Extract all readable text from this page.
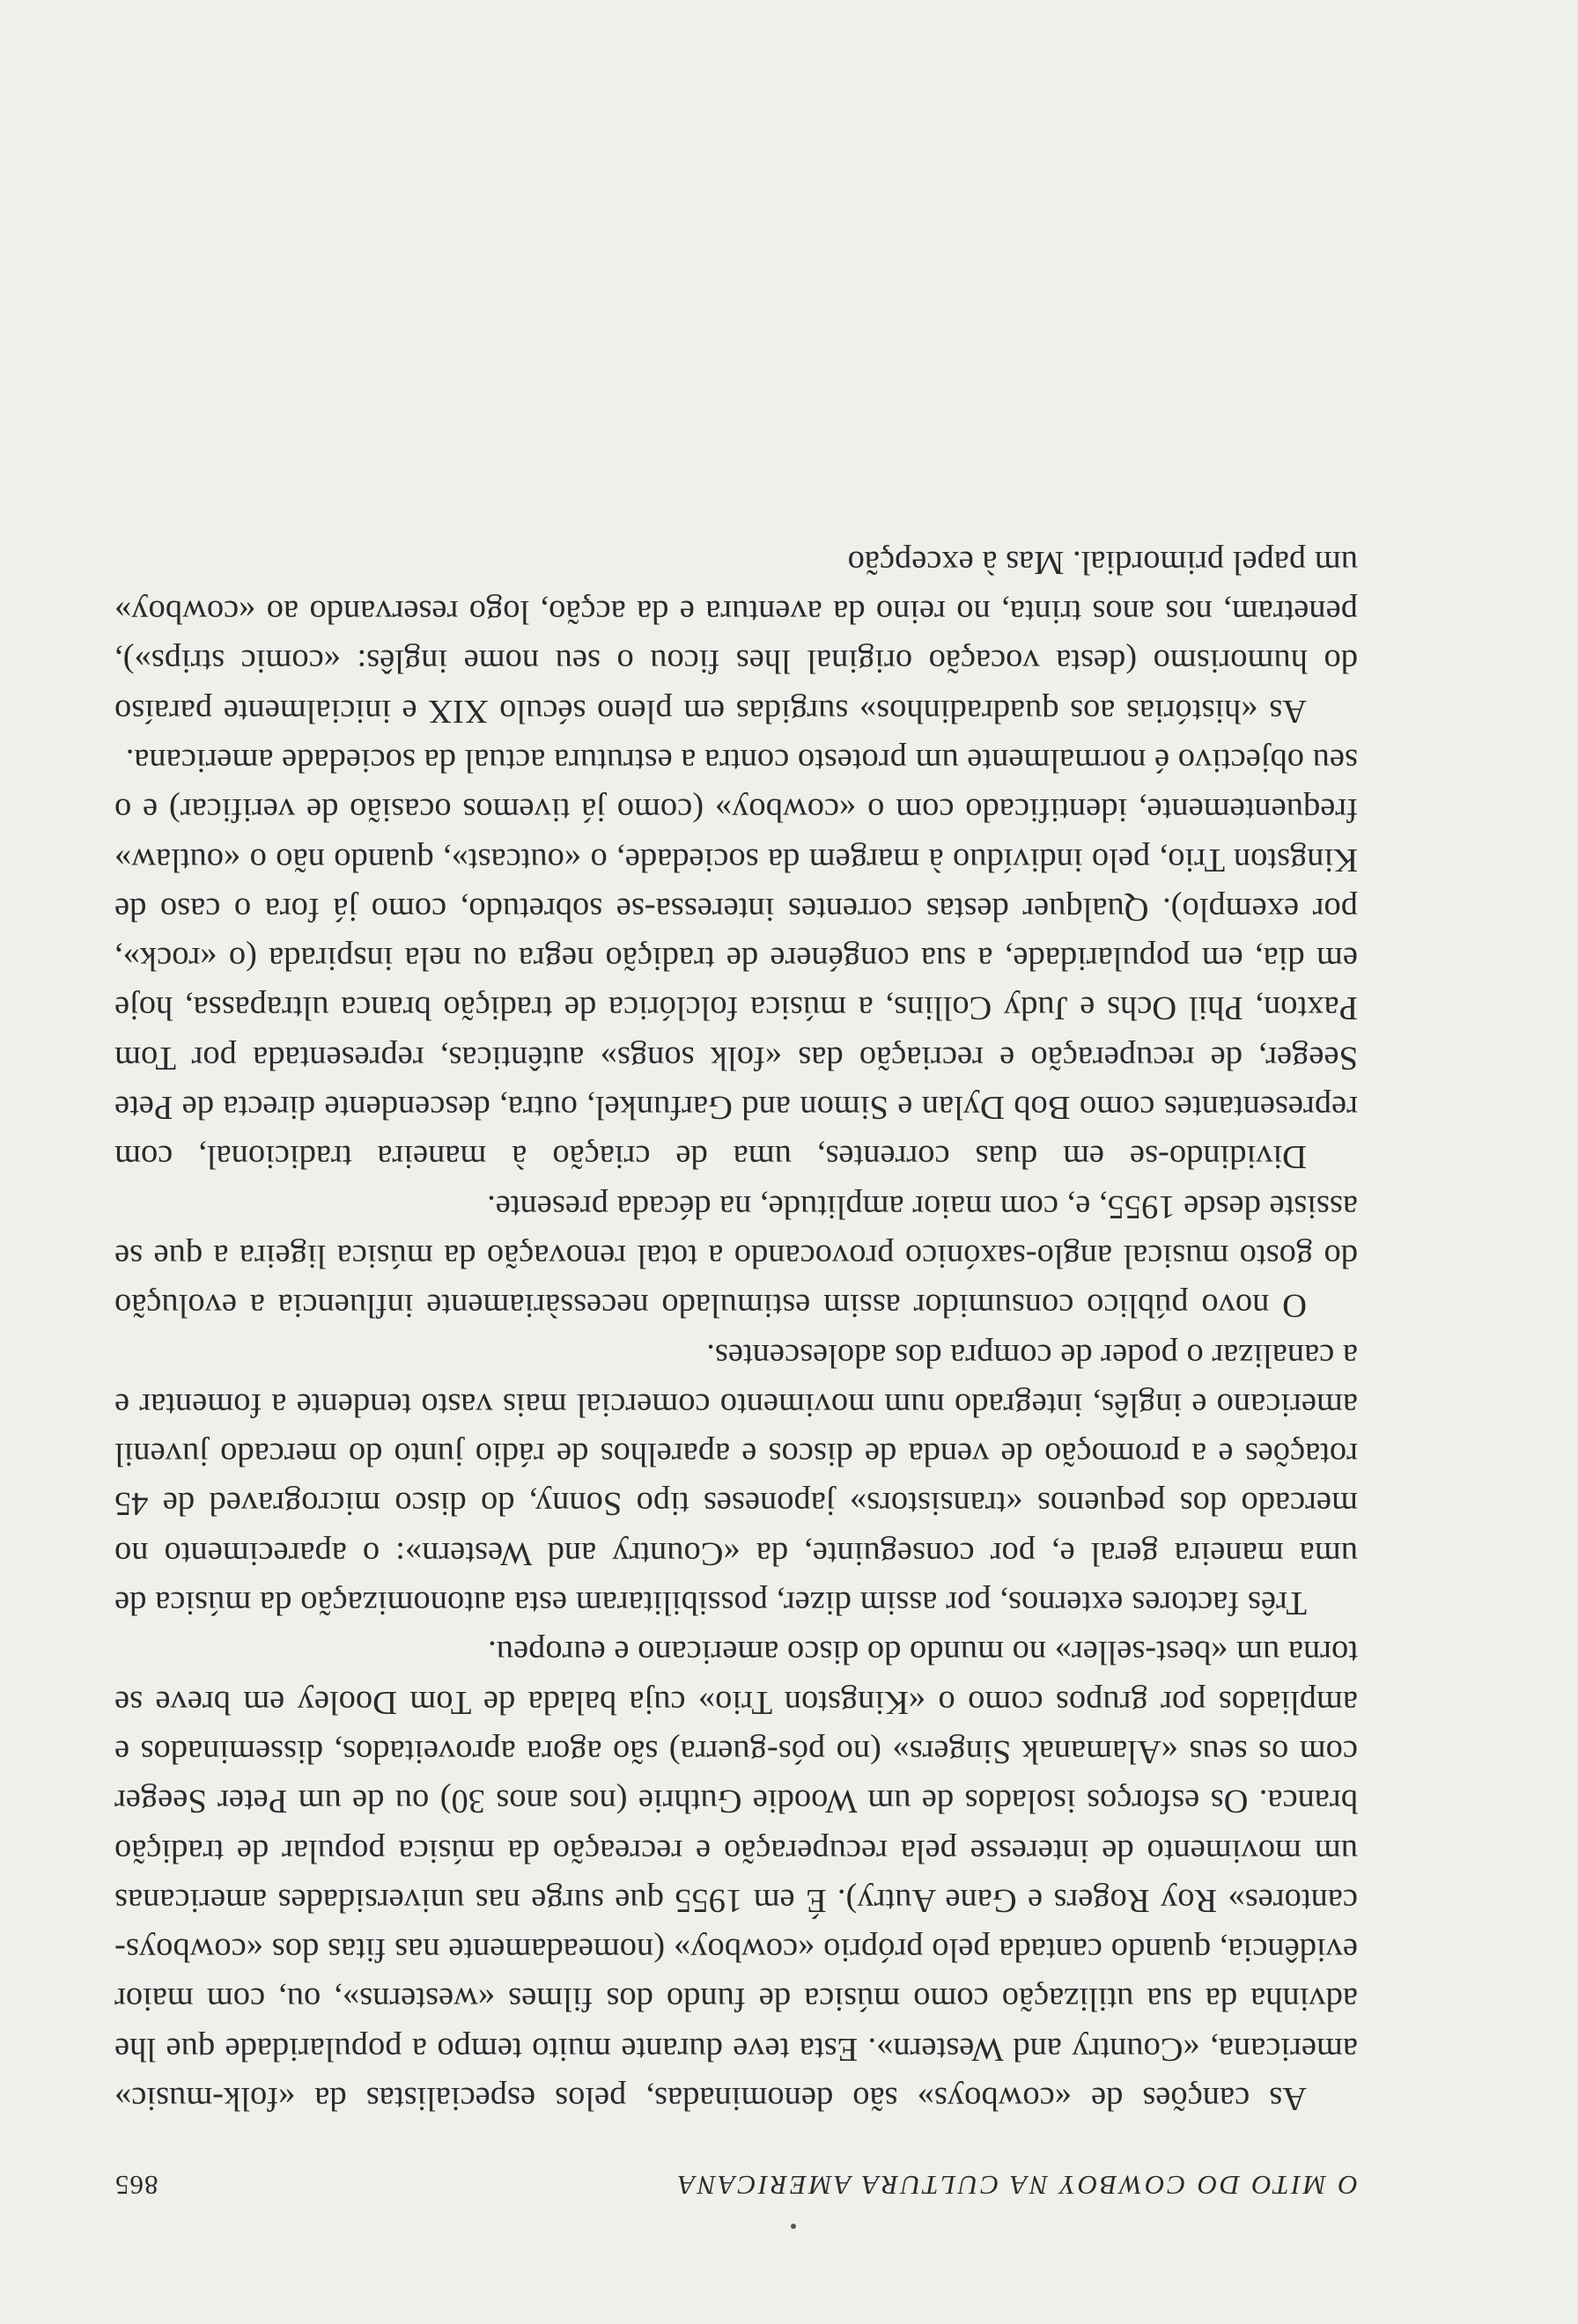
O MITO DO COWBOY NA CULTURA AMERICANA
865

As canções de «cowboys» são denominadas, pelos especialistas da «folk-music» americana, «Country and Western». Esta teve durante muito tempo a popularidade que lhe advinha da sua utilização como música de fundo dos filmes «westerns», ou, com maior evidência, quando cantada pelo próprio «cowboy» (nomeadamente nas fitas dos «cowboys-cantores» Roy Rogers e Gane Autry). É em 1955 que surge nas universidades americanas um movimento de interesse pela recuperação e recreação da música popular de tradição branca. Os esforços isolados de um Woodie Guthrie (nos anos 30) ou de um Peter Seeger com os seus «Alamanak Singers» (no pós-guerra) são agora aproveitados, disseminados e ampliados por grupos como o «Kingston Trio» cuja balada de Tom Dooley em breve se torna um «best-seller» no mundo do disco americano e europeu.

Três factores externos, por assim dizer, possibilitaram esta autonomização da música de uma maneira geral e, por conseguinte, da «Country and Western»: o aparecimento no mercado dos pequenos «transistors» japoneses tipo Sonny, do disco micrograved de 45 rotações e a promoção de venda de discos e aparelhos de rádio junto do mercado juvenil americano e inglês, integrado num movimento comercial mais vasto tendente a fomentar e a canalizar o poder de compra dos adolescentes.

O novo público consumidor assim estimulado necessàriamente influencia a evolução do gosto musical anglo-saxónico provocando a total renovação da música ligeira a que se assiste desde 1955, e, com maior amplitude, na década presente.

Dividindo-se em duas correntes, uma de criação à maneira tradicional, com representantes como Bob Dylan e Simon and Garfunkel, outra, descendente directa de Pete Seeger, de recuperação e recriação das «folk songs» autênticas, representada por Tom Paxton, Phil Ochs e Judy Collins, a música folclórica de tradição branca ultrapassa, hoje em dia, em popularidade, a sua congénere de tradição negra ou nela inspirada (o «rock», por exemplo). Qualquer destas correntes interessa-se sobretudo, como já fora o caso de Kingston Trio, pelo indivíduo à margem da sociedade, o «outcast», quando não o «outlaw» frequentemente, identificado com o «cowboy» (como já tivemos ocasião de verificar) e o seu objectivo é normalmente um protesto contra a estrutura actual da sociedade americana.

As «histórias aos quadradinhos» surgidas em pleno século XIX e inicialmente paraíso do humorismo (desta vocação original lhes ficou o seu nome inglês: «comic strips»), penetram, nos anos trinta, no reino da aventura e da acção, logo reservando ao «cowboy» um papel primordial. Mas à excepção
